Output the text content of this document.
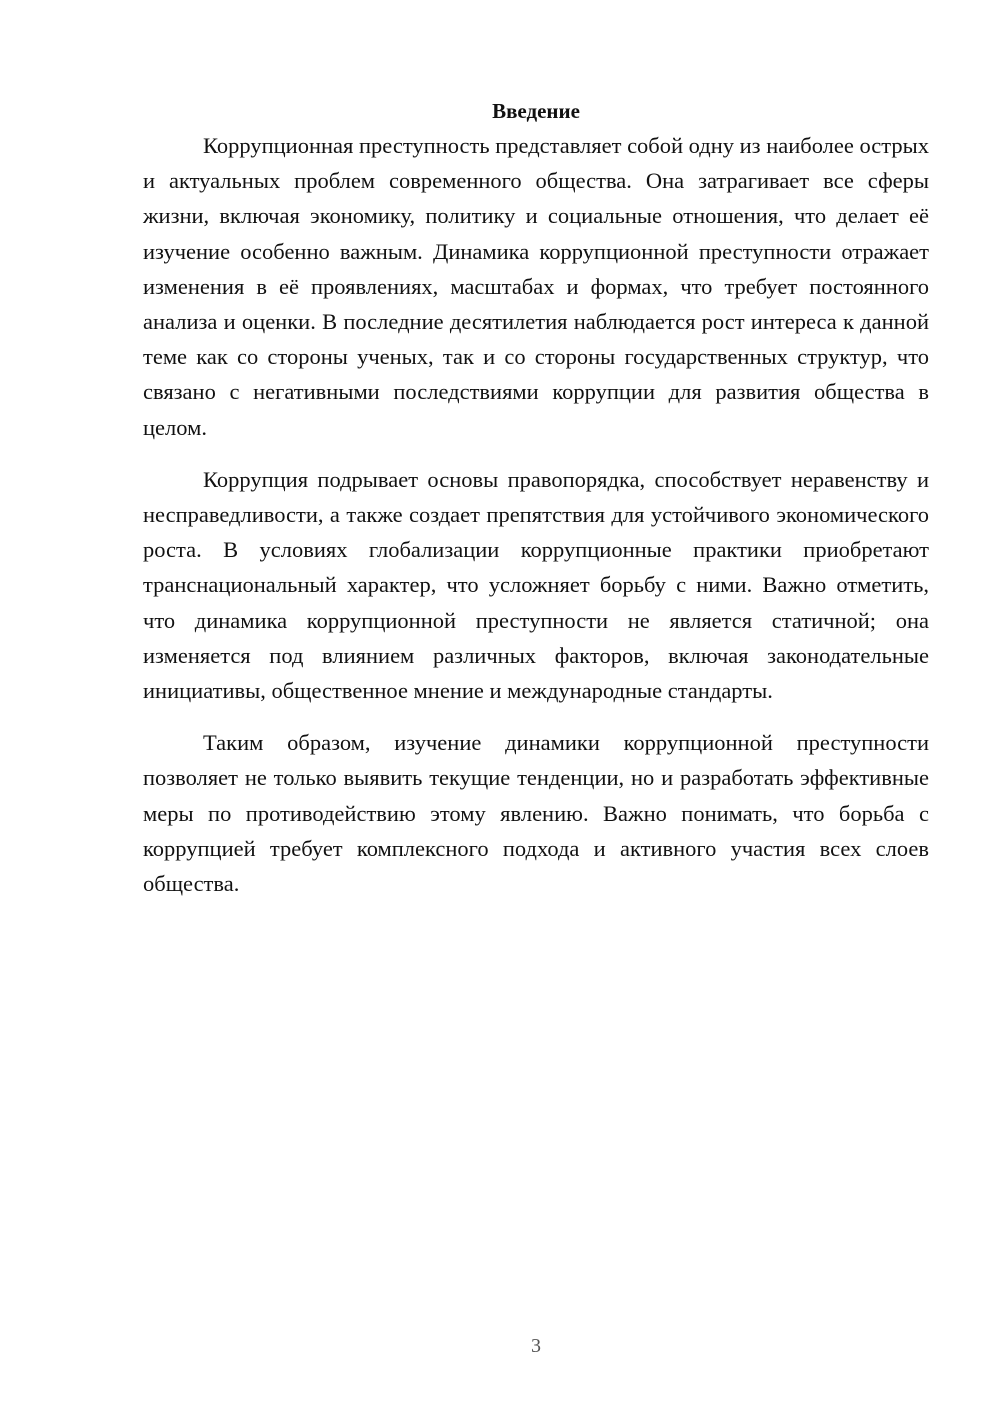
Введение

Коррупционная преступность представляет собой одну из наиболее острых и актуальных проблем современного общества. Она затрагивает все сферы жизни, включая экономику, политику и социальные отношения, что делает её изучение особенно важным. Динамика коррупционной преступности отражает изменения в её проявлениях, масштабах и формах, что требует постоянного анализа и оценки. В последние десятилетия наблюдается рост интереса к данной теме как со стороны ученых, так и со стороны государственных структур, что связано с негативными последствиями коррупции для развития общества в целом.

Коррупция подрывает основы правопорядка, способствует неравенству и несправедливости, а также создает препятствия для устойчивого экономического роста. В условиях глобализации коррупционные практики приобретают транснациональный характер, что усложняет борьбу с ними. Важно отметить, что динамика коррупционной преступности не является статичной; она изменяется под влиянием различных факторов, включая законодательные инициативы, общественное мнение и международные стандарты.

Таким образом, изучение динамики коррупционной преступности позволяет не только выявить текущие тенденции, но и разработать эффективные меры по противодействию этому явлению. Важно понимать, что борьба с коррупцией требует комплексного подхода и активного участия всех слоев общества.

3
